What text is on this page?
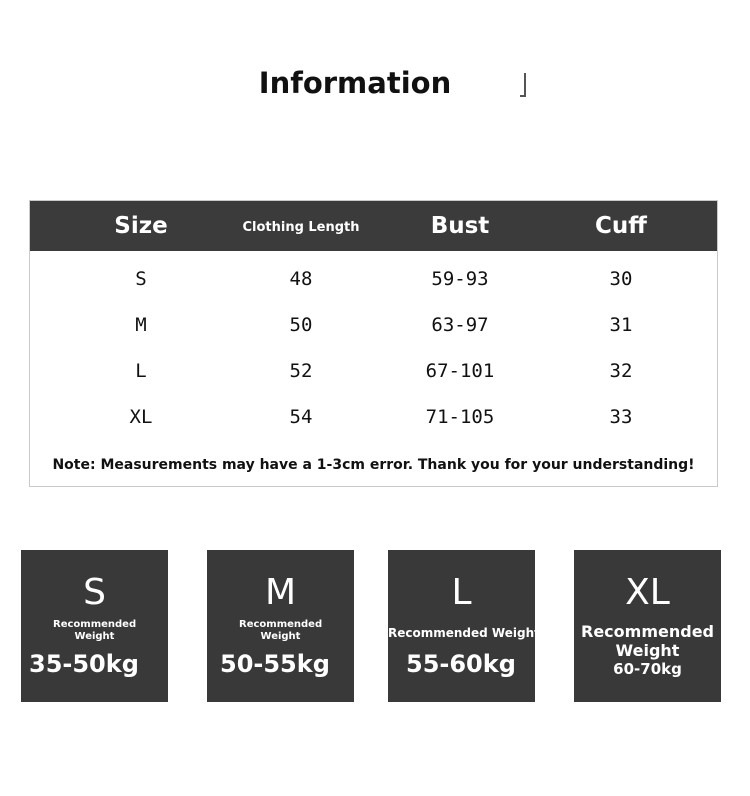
Information
Size	Clothing Length	Bust	Cuff
S	48	59-93	30
M	50	63-97	31
L	52	67-101	32
XL	54	71-105	33
Note: Measurements may have a 1-3cm error. Thank you for your understanding!
S
Recommended Weight
35-50kg
M
Recommended Weight
50-55kg
L
Recommended Weight
55-60kg
XL
Recommended Weight
60-70kg
